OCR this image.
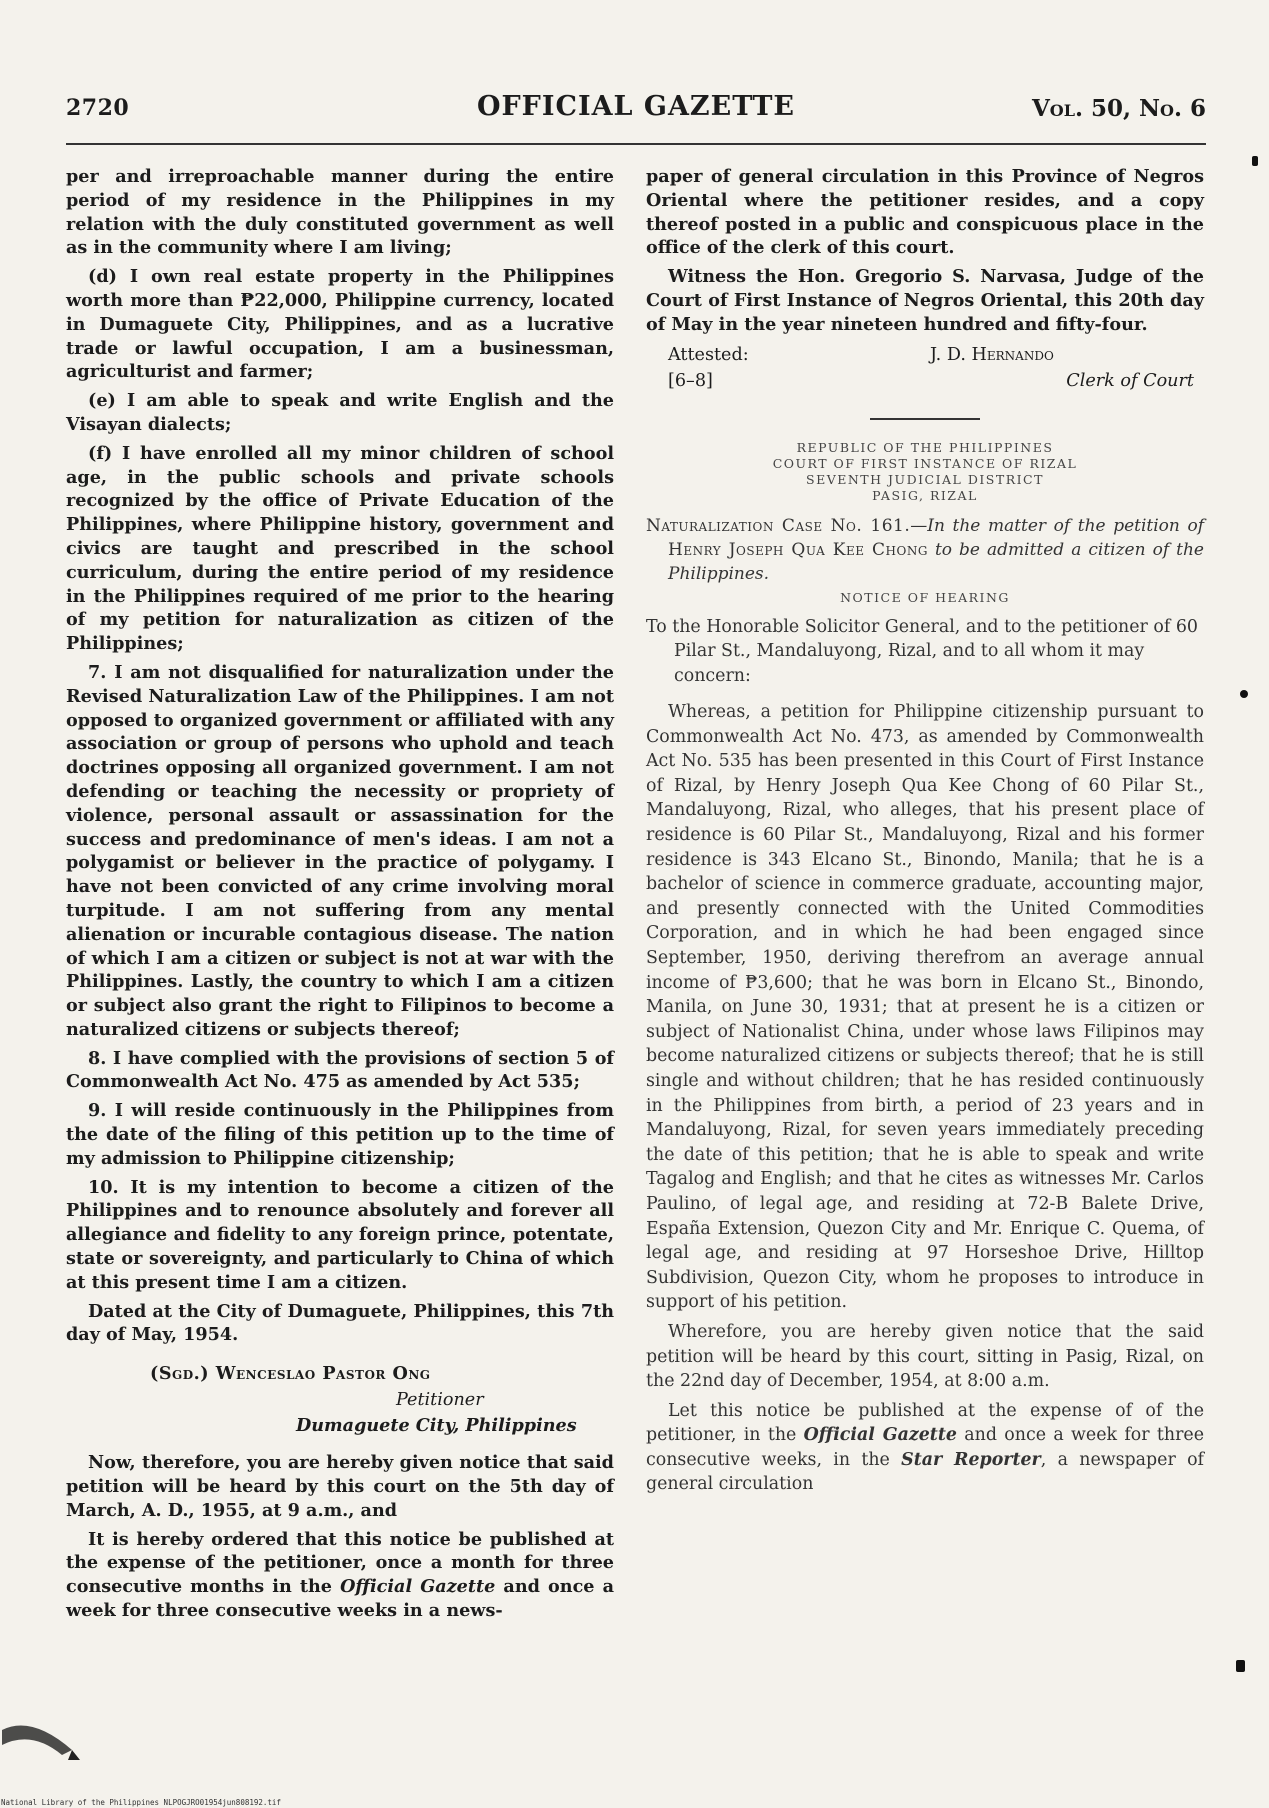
2720	OFFICIAL GAZETTE	Vol. 50, No. 6

per and irreproachable manner during the entire period of my residence in the Philippines in my relation with the duly constituted government as well as in the community where I am living;

(d) I own real estate property in the Philippines worth more than ₱22,000, Philippine currency, located in Dumaguete City, Philippines, and as a lucrative trade or lawful occupation, I am a businessman, agriculturist and farmer;

(e) I am able to speak and write English and the Visayan dialects;

(f) I have enrolled all my minor children of school age, in the public schools and private schools recognized by the office of Private Education of the Philippines, where Philippine history, government and civics are taught and prescribed in the school curriculum, during the entire period of my residence in the Philippines required of me prior to the hearing of my petition for naturalization as citizen of the Philippines;

7. I am not disqualified for naturalization under the Revised Naturalization Law of the Philippines. I am not opposed to organized government or affiliated with any association or group of persons who uphold and teach doctrines opposing all organized government. I am not defending or teaching the necessity or propriety of violence, personal assault or assassination for the success and predominance of men's ideas. I am not a polygamist or believer in the practice of polygamy. I have not been convicted of any crime involving moral turpitude. I am not suffering from any mental alienation or incurable contagious disease. The nation of which I am a citizen or subject is not at war with the Philippines. Lastly, the country to which I am a citizen or subject also grant the right to Filipinos to become a naturalized citizens or subjects thereof;

8. I have complied with the provisions of section 5 of Commonwealth Act No. 475 as amended by Act 535;

9. I will reside continuously in the Philippines from the date of the filing of this petition up to the time of my admission to Philippine citizenship;

10. It is my intention to become a citizen of the Philippines and to renounce absolutely and forever all allegiance and fidelity to any foreign prince, potentate, state or sovereignty, and particularly to China of which at this present time I am a citizen.

Dated at the City of Dumaguete, Philippines, this 7th day of May, 1954.

(Sgd.) Wenceslao Pastor Ong
Petitioner
Dumaguete City, Philippines

Now, therefore, you are hereby given notice that said petition will be heard by this court on the 5th day of March, A. D., 1955, at 9 a.m., and

It is hereby ordered that this notice be published at the expense of the petitioner, once a month for three consecutive months in the Official Gazette and once a week for three consecutive weeks in a news-

paper of general circulation in this Province of Negros Oriental where the petitioner resides, and a copy thereof posted in a public and conspicuous place in the office of the clerk of this court.

Witness the Hon. Gregorio S. Narvasa, Judge of the Court of First Instance of Negros Oriental, this 20th day of May in the year nineteen hundred and fifty-four.

Attested:	J. D. Hernando
[6–8]	Clerk of Court
REPUBLIC OF THE PHILIPPINES
COURT OF FIRST INSTANCE OF RIZAL
SEVENTH JUDICIAL DISTRICT
PASIG, RIZAL
Naturalization Case No. 161.—In the matter of the petition of Henry Joseph Qua Kee Chong to be admitted a citizen of the Philippines.
NOTICE OF HEARING
To the Honorable Solicitor General, and to the petitioner of 60 Pilar St., Mandaluyong, Rizal, and to all whom it may concern:

Whereas, a petition for Philippine citizenship pursuant to Commonwealth Act No. 473, as amended by Commonwealth Act No. 535 has been presented in this Court of First Instance of Rizal, by Henry Joseph Qua Kee Chong of 60 Pilar St., Mandaluyong, Rizal, who alleges, that his present place of residence is 60 Pilar St., Mandaluyong, Rizal and his former residence is 343 Elcano St., Binondo, Manila; that he is a bachelor of science in commerce graduate, accounting major, and presently connected with the United Commodities Corporation, and in which he had been engaged since September, 1950, deriving therefrom an average annual income of ₱3,600; that he was born in Elcano St., Binondo, Manila, on June 30, 1931; that at present he is a citizen or subject of Nationalist China, under whose laws Filipinos may become naturalized citizens or subjects thereof; that he is still single and without children; that he has resided continuously in the Philippines from birth, a period of 23 years and in Mandaluyong, Rizal, for seven years immediately preceding the date of this petition; that he is able to speak and write Tagalog and English; and that he cites as witnesses Mr. Carlos Paulino, of legal age, and residing at 72-B Balete Drive, España Extension, Quezon City and Mr. Enrique C. Quema, of legal age, and residing at 97 Horseshoe Drive, Hilltop Subdivision, Quezon City, whom he proposes to introduce in support of his petition.

Wherefore, you are hereby given notice that the said petition will be heard by this court, sitting in Pasig, Rizal, on the 22nd day of December, 1954, at 8:00 a.m.

Let this notice be published at the expense of of the petitioner, in the Official Gazette and once a week for three consecutive weeks, in the Star Reporter, a newspaper of general circulation

National Library of the Philippines NLPOGJRO01954jun808192.tif
